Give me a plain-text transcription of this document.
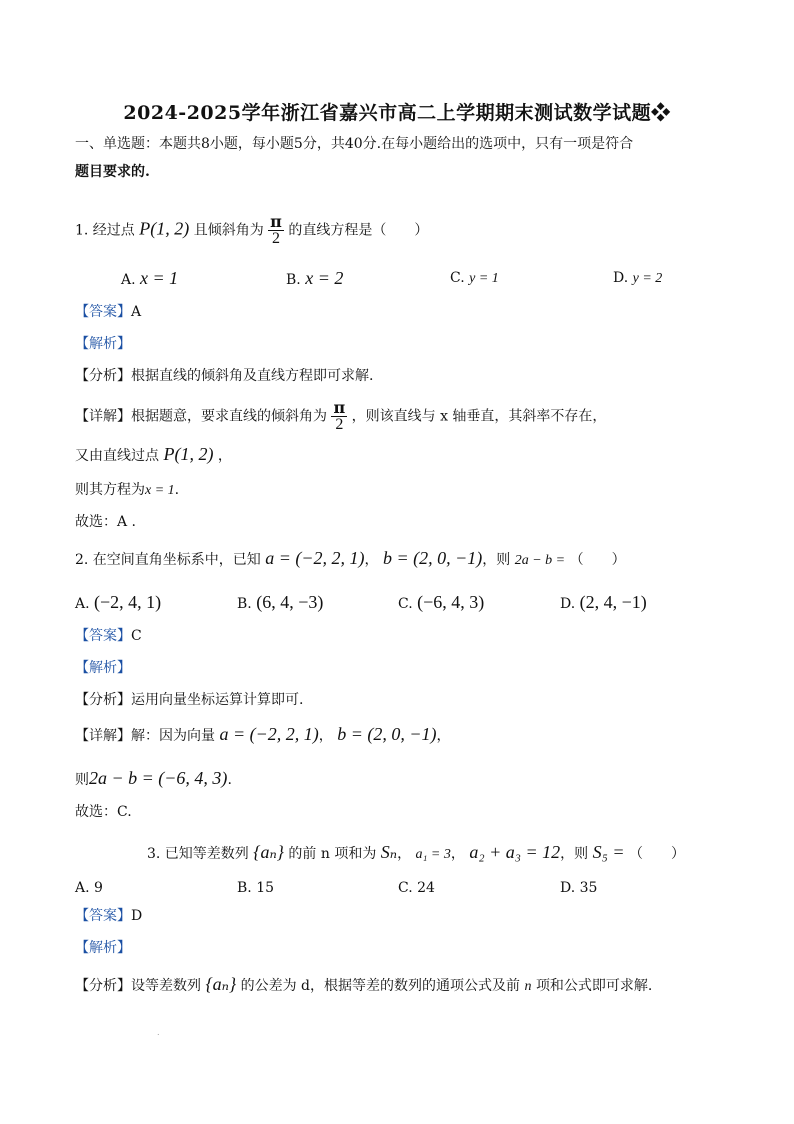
2024-2025学年浙江省嘉兴市高二上学期期末测试数学试题❖
一、单选题：本题共8小题，每小题5分，共40分.在每小题给出的选项中，只有一项是符合
题目要求的.
1. 经过点 P(1, 2) 且倾斜角为 $\frac{\pi}{2}$ 的直线方程是（　　）
A. x = 1	B. x = 2	C. y = 1	D. y = 2
【答案】A
【解析】
【分析】根据直线的倾斜角及直线方程即可求解.
【详解】根据题意，要求直线的倾斜角为 $\frac{\pi}{2}$ ，则该直线与 x 轴垂直，其斜率不存在，
又由直线过点 P(1, 2) ，
则其方程为x = 1.
故选：A .
2. 在空间直角坐标系中，已知 a = (−2, 2, 1)， b = (2, 0, −1)，则 2a − b = （　　）
A. (−2, 4, 1)	B. (6, 4, −3)	C. (−6, 4, 3)	D. (2, 4, −1)
【答案】C
【解析】
【分析】运用向量坐标运算计算即可.
【详解】解：因为向量 a = (−2, 2, 1)， b = (2, 0, −1)，
则2a − b = (−6, 4, 3).
故选：C.
3. 已知等差数列 {aₙ} 的前 n 项和为 Sₙ， a₁ = 3， a₂ + a₃ = 12，则 S₅ = （　　）
A. 9	B. 15	C. 24	D. 35
【答案】D
【解析】
【分析】设等差数列 {aₙ} 的公差为 d，根据等差的数列的通项公式及前 n 项和公式即可求解.
.
